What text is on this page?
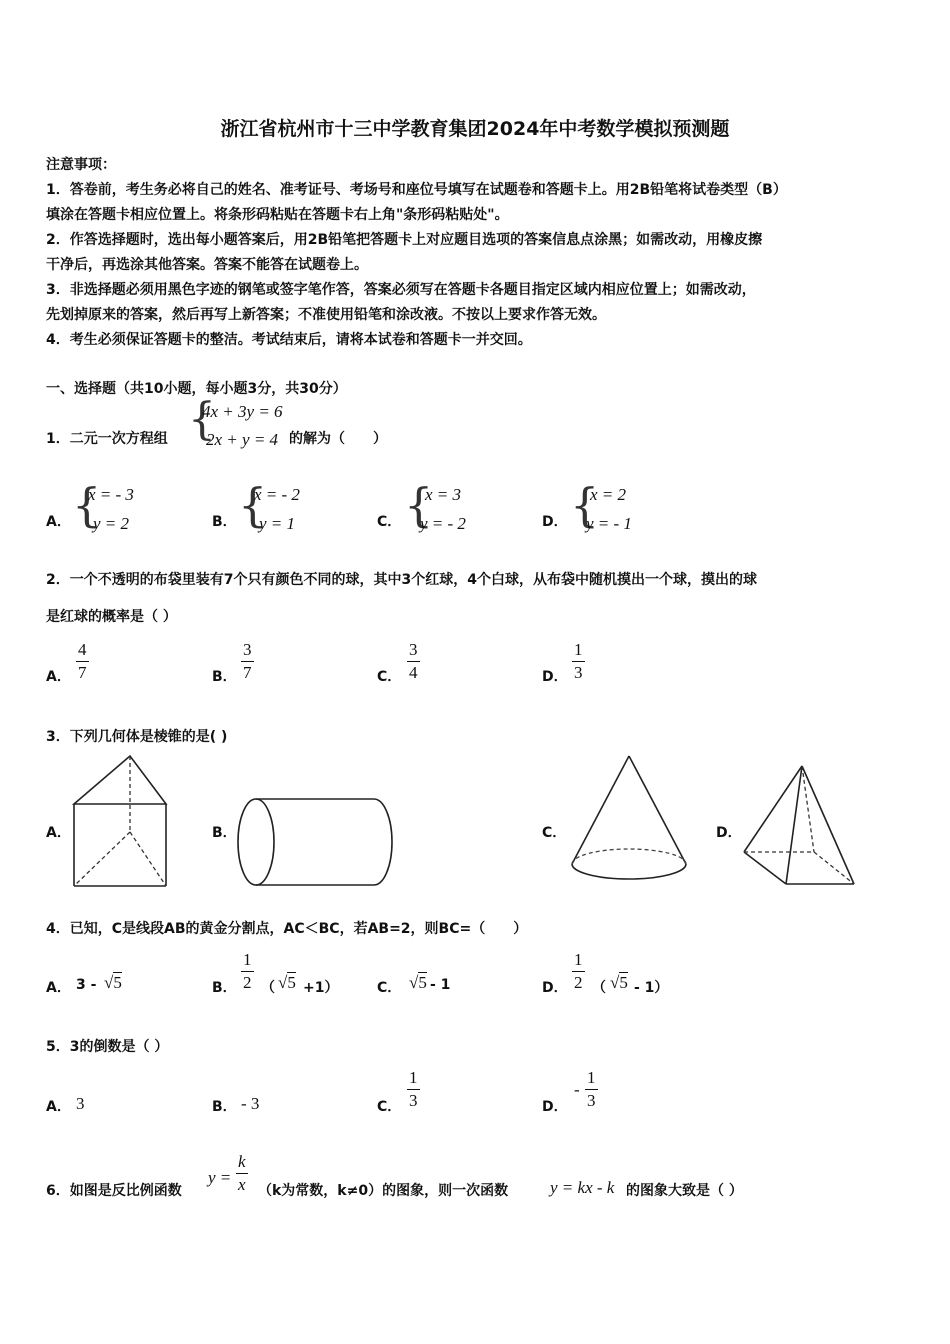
浙江省杭州市十三中学教育集团2024年中考数学模拟预测题
注意事项：
1．答卷前，考生务必将自己的姓名、准考证号、考场号和座位号填写在试题卷和答题卡上。用2B铅笔将试卷类型（B）
填涂在答题卡相应位置上。将条形码粘贴在答题卡右上角"条形码粘贴处"。
2．作答选择题时，选出每小题答案后，用2B铅笔把答题卡上对应题目选项的答案信息点涂黑；如需改动，用橡皮擦
干净后，再选涂其他答案。答案不能答在试题卷上。
3．非选择题必须用黑色字迹的钢笔或签字笔作答，答案必须写在答题卡各题目指定区域内相应位置上；如需改动，
先划掉原来的答案，然后再写上新答案；不准使用铅笔和涂改液。不按以上要求作答无效。
4．考生必须保证答题卡的整洁。考试结束后，请将本试卷和答题卡一并交回。
一、选择题（共10小题，每小题3分，共30分）
1．二元一次方程组 {
4x + 3y = 6
2x + y = 4 的解为（　　）
A． {
x = - 3
y = 2	B． {
x = - 2
y = 1	C． {
x = 3
y = - 2	D． {
x = 2
y = - 1
2．一个不透明的布袋里装有7个只有颜色不同的球，其中3个红球，4个白球，从布袋中随机摸出一个球，摸出的球
是红球的概率是（ ）
A．
4
7	B．
3
7	C．
3
4	D．
1
3
3．下列几何体是棱锥的是( )
A．	B．	C．	D．
4．已知，C是线段AB的黄金分割点，AC＜BC，若AB=2，则BC=（　　）
A． 3 - √5	B．
1
2 （ √5 +1）	C． √5 - 1	D．
1
2 （ √5 - 1）
5．3的倒数是（ ）
A． 3	B． - 3	C．
1
3	D．
-
1
3
6．如图是反比例函数
y =
k
x （k为常数，k≠0）的图象，则一次函数 y = kx - k 的图象大致是（ ）
